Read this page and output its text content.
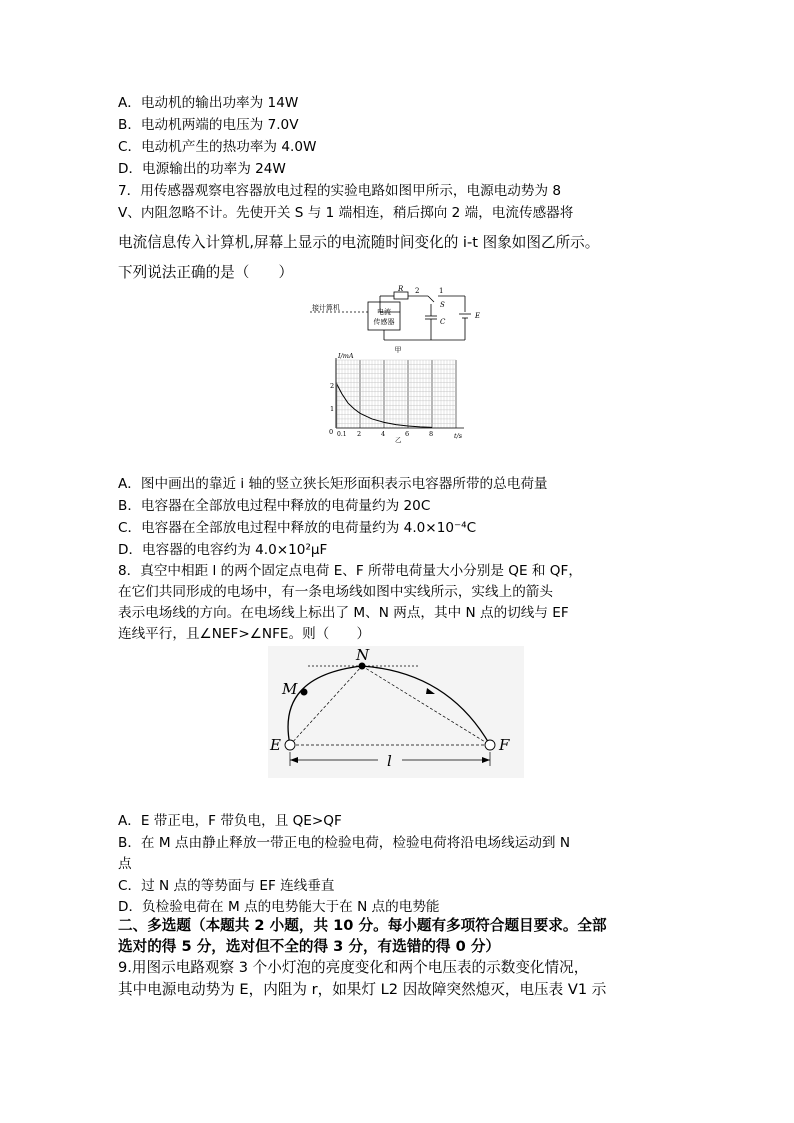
A．电动机的输出功率为 14W
B．电动机两端的电压为 7.0V
C．电动机产生的热功率为 4.0W
D．电源输出的功率为 24W
7．用传感器观察电容器放电过程的实验电路如图甲所示，电源电动势为 8
V、内阻忽略不计。先使开关 S 与 1 端相连，稍后掷向 2 端，电流传感器将
电流信息传入计算机,屏幕上显示的电流随时间变化的 i-t 图象如图乙所示。
下列说法正确的是（　　）
接计算机	电流
传感器
R 2	1
S
C
E
甲
I/mA
t/s
2
1
0 0.1 2	4	6	8
乙
A．图中画出的靠近 i 轴的竖立狭长矩形面积表示电容器所带的总电荷量
B．电容器在全部放电过程中释放的电荷量约为 20C
C．电容器在全部放电过程中释放的电荷量约为 4.0×10⁻⁴C
D．电容器的电容约为 4.0×10²μF
8．真空中相距 l 的两个固定点电荷 E、F 所带电荷量大小分别是 QE 和 QF，
在它们共同形成的电场中，有一条电场线如图中实线所示，实线上的箭头
表示电场线的方向。在电场线上标出了 M、N 两点，其中 N 点的切线与 EF
连线平行，且∠NEF>∠NFE。则（　　）
N
M
E	F
l
A．E 带正电，F 带负电，且 QE>QF
B．在 M 点由静止释放一带正电的检验电荷，检验电荷将沿电场线运动到 N
点
C．过 N 点的等势面与 EF 连线垂直
D．负检验电荷在 M 点的电势能大于在 N 点的电势能
二、多选题（本题共 2 小题，共 10 分。每小题有多项符合题目要求。全部
选对的得 5 分，选对但不全的得 3 分，有选错的得 0 分）
9.用图示电路观察 3 个小灯泡的亮度变化和两个电压表的示数变化情况，
其中电源电动势为 E，内阻为 r，如果灯 L2 因故障突然熄灭，电压表 V1 示
